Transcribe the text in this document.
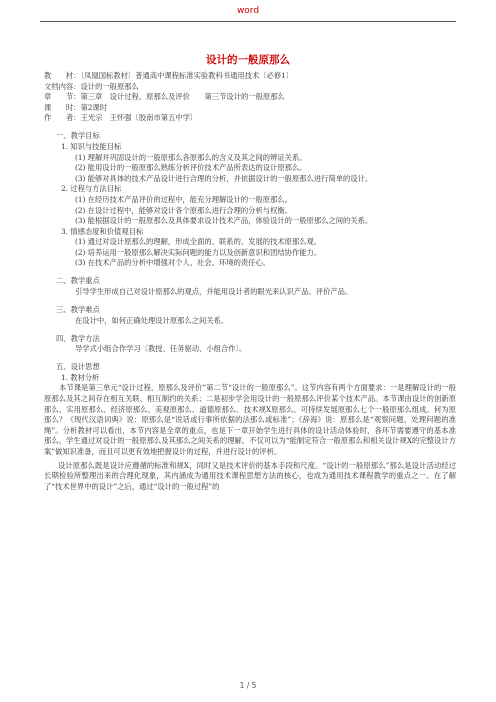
word
设计的一般原那么
教　　材：〔凤凰国标教材〕普通高中课程标准实验教科书通用技术〔必修1〕
文档内容：设计的一般原那么
章　　节：第三章　设计过程、原那么及评价　　第三节设计的一般原那么
课　　时：第2课时
作　　者：王光宗　王怀强〔胶南市第五中学〕
一、教学目标
1. 知识与技能目标
(1) 理解并巩固设计的一般原那么各原那么的含义及其之间的辨证关系。
(2) 能用设计的一般原那么熟练分析评价技术产品所表达的设计原那么。
(3) 能够对具体的技术产品设计进行合理的分析，并依据设计的一般原那么进行简单的设计。
2. 过程与方法目标
(1) 在经历技术产品评价的过程中，能充分理解设计的一般原那么。
(2) 在设计过程中，能够对设计各个原那么进行合理的分析与权衡。
(3) 能根据设计的一般原那么及具体要求设计技术产品，体验设计的一般原那么之间的关系。
3. 情感态度和价值观目标
(1) 通过对设计原那么的理解，形成全面的、联系的、发展的技术原那么观。
(2) 培养运用一般原那么解决实际问题的能力以及创新意识和团结协作能力。
(3) 在技术产品的分析中增强对个人、社会、环境的责任心。
二、教学重点
引导学生形成自己对设计原那么的观点，并能用设计者的眼光来认识产品、评价产品。
三、教学难点
在设计中，如何正确处理设计原那么之间关系。
四、教学方法
导学式小组合作学习〔教授、任务驱动、小组合作〕。
五、设计思想
1. 教材分析
本节课是第三单元“设计过程、原那么及评价”第二节“设计的一般原那么”。这节内容有两个方面要求：一是理解设计的一般原那么及其之间存在相互关联、相互制约的关系；二是初步学会用设计的一般原那么评价某个技术产品。本节课由设计的创新原那么、实用原那么、经济原那么、美观原那么、道德原那么、技术规X原那么、可持续发展原那么七个一般原那么组成。何为原那么？《现代汉语词典》说：原那么是“说话或行事所依据的法那么或标准”；《辞海》说：原那么是“观察问题、处理问题的准绳”。分析教材可以看出，本节内容是全章的重点，也是下一章开始学生进行具体的设计活动体验时，各环节需要遵守的基本准那么。学生通过对设计的一般原那么及其那么之间关系的理解，不仅可以为“能制定符合一般原那么和相关设计规X的完整设计方案”做知识准备，而且可以更有效地把握设计的过程，并进行设计的评析。
设计原那么既是设计应遵循的标准和规X，同时又是技术评价的基本手段和尺度。“设计的一般原那么”那么是设计活动经过长期检验所整理出来的合理化现象，其内涵成为通用技术课程思想方法的核心，也成为通用技术课程教学的重点之一。在了解了“技术世界中的设计”之后，通过“设计的一般过程”的
1 / 5
